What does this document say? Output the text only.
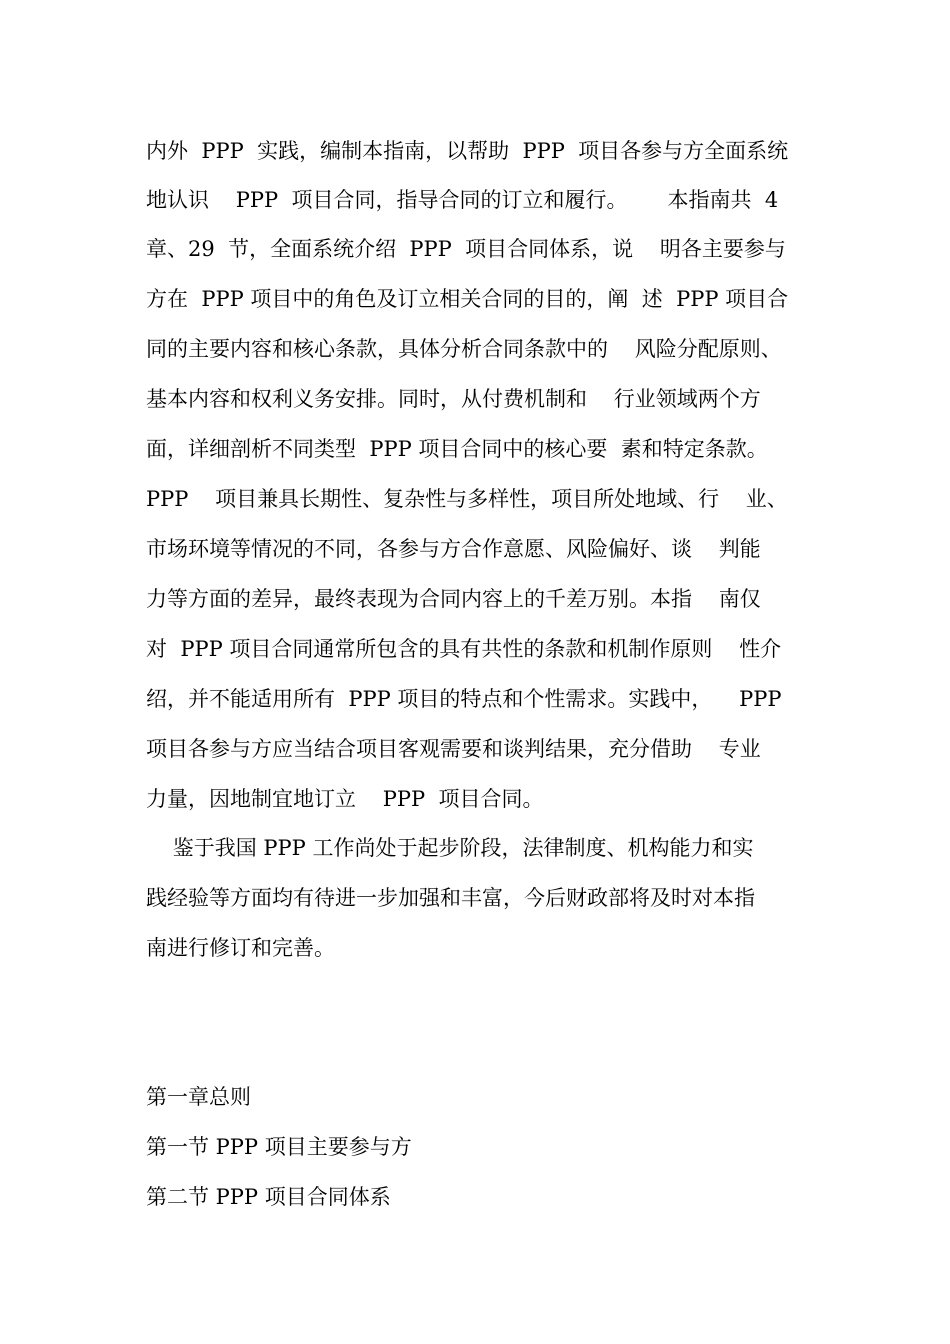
内外  PPP  实践，编制本指南，以帮助  PPP  项目各参与方全面系统
地认识    PPP  项目合同，指导合同的订立和履行。      本指南共  4
章、29  节，全面系统介绍  PPP  项目合同体系，说    明各主要参与
方在  PPP 项目中的角色及订立相关合同的目的，阐  述  PPP 项目合
同的主要内容和核心条款，具体分析合同条款中的    风险分配原则、
基本内容和权利义务安排。同时，从付费机制和    行业领域两个方
面，详细剖析不同类型  PPP 项目合同中的核心要  素和特定条款。
PPP    项目兼具长期性、复杂性与多样性，项目所处地域、行    业、
市场环境等情况的不同，各参与方合作意愿、风险偏好、谈    判能
力等方面的差异，最终表现为合同内容上的千差万别。本指    南仅
对  PPP 项目合同通常所包含的具有共性的条款和机制作原则    性介
绍，并不能适用所有  PPP 项目的特点和个性需求。实践中，    PPP
项目各参与方应当结合项目客观需要和谈判结果，充分借助    专业
力量，因地制宜地订立    PPP  项目合同。
鉴于我国 PPP 工作尚处于起步阶段，法律制度、机构能力和实
践经验等方面均有待进一步加强和丰富，今后财政部将及时对本指
南进行修订和完善。
第一章总则
第一节 PPP 项目主要参与方
第二节 PPP 项目合同体系
